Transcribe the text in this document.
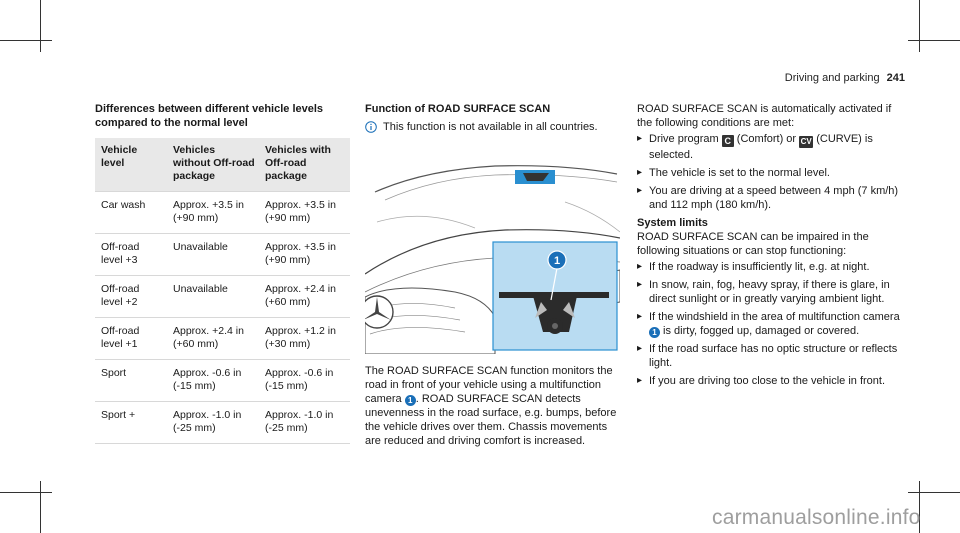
Driving and parking 241
Differences between different vehicle levels compared to the normal level
Vehicle level	Vehicles without Off-road package	Vehicles with Off-road package
Car wash	Approx. +3.5 in (+90 mm)	Approx. +3.5 in (+90 mm)
Off-road level +3	Unavailable	Approx. +3.5 in (+90 mm)
Off-road level +2	Unavailable	Approx. +2.4 in (+60 mm)
Off-road level +1	Approx. +2.4 in (+60 mm)	Approx. +1.2 in (+30 mm)
Sport	Approx. -0.6 in (-15 mm)	Approx. -0.6 in (-15 mm)
Sport +	Approx. -1.0 in (-25 mm)	Approx. -1.0 in (-25 mm)
Function of ROAD SURFACE SCAN
This function is not available in all countries.
1
The ROAD SURFACE SCAN function monitors the road in front of your vehicle using a multifunction camera 1 . ROAD SURFACE SCAN detects unevenness in the road surface, e.g. bumps, before the vehicle drives over them. Chassis movements are reduced and driving comfort is increased.
ROAD SURFACE SCAN is automatically activated if the following conditions are met:
▸ Drive program C (Comfort) or CV (CURVE) is selected.
▸ The vehicle is set to the normal level.
▸ You are driving at a speed between 4 mph (7 km/h) and 112 mph (180 km/h).
System limits
ROAD SURFACE SCAN can be impaired in the following situations or can stop functioning:
▸ If the roadway is insufficiently lit, e.g. at night.
▸ In snow, rain, fog, heavy spray, if there is glare, in direct sunlight or in greatly varying ambient light.
▸ If the windshield in the area of multifunction camera 1 is dirty, fogged up, damaged or covered.
▸ If the road surface has no optic structure or reflects light.
▸ If you are driving too close to the vehicle in front.
carmanualsonline.info
